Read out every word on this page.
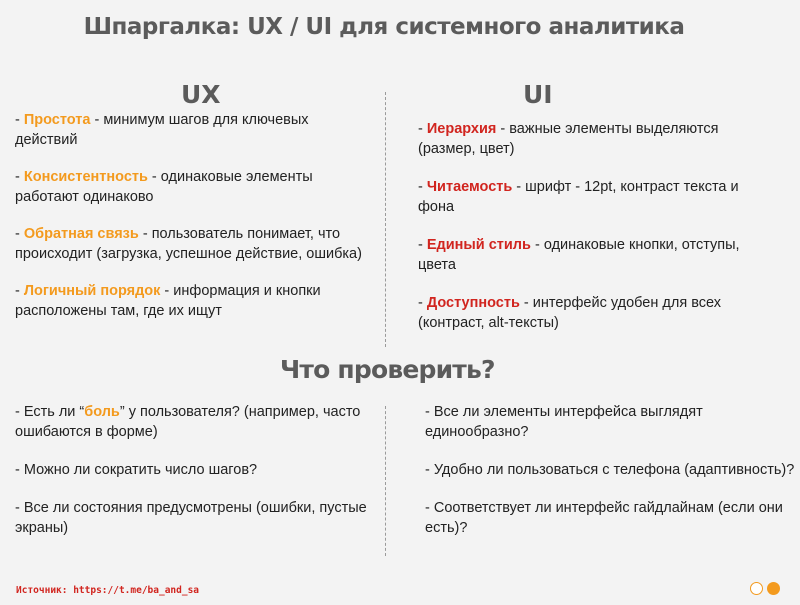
Шпаргалка: UX / UI для системного аналитика
UX	UI
- Простота - минимум шагов для ключевых действий
- Консистентность - одинаковые элементы работают одинаково
- Обратная связь - пользователь понимает, что происходит (загрузка, успешное действие, ошибка)
- Логичный порядок - информация и кнопки расположены там, где их ищут
- Иерархия - важные элементы выделяются (размер, цвет)
- Читаемость - шрифт - 12pt, контраст текста и фона
- Единый стиль - одинаковые кнопки, отступы, цвета
- Доступность - интерфейс удобен для всех (контраст, alt-тексты)
Что проверить?
- Есть ли “боль” у пользователя? (например, часто ошибаются в форме)
- Можно ли сократить число шагов?
- Все ли состояния предусмотрены (ошибки, пустые экраны)
- Все ли элементы интерфейса выглядят единообразно?
- Удобно ли пользоваться с телефона (адаптивность)?
- Соответствует ли интерфейс гайдлайнам (если они есть)?
Источник: https://t.me/ba_and_sa
